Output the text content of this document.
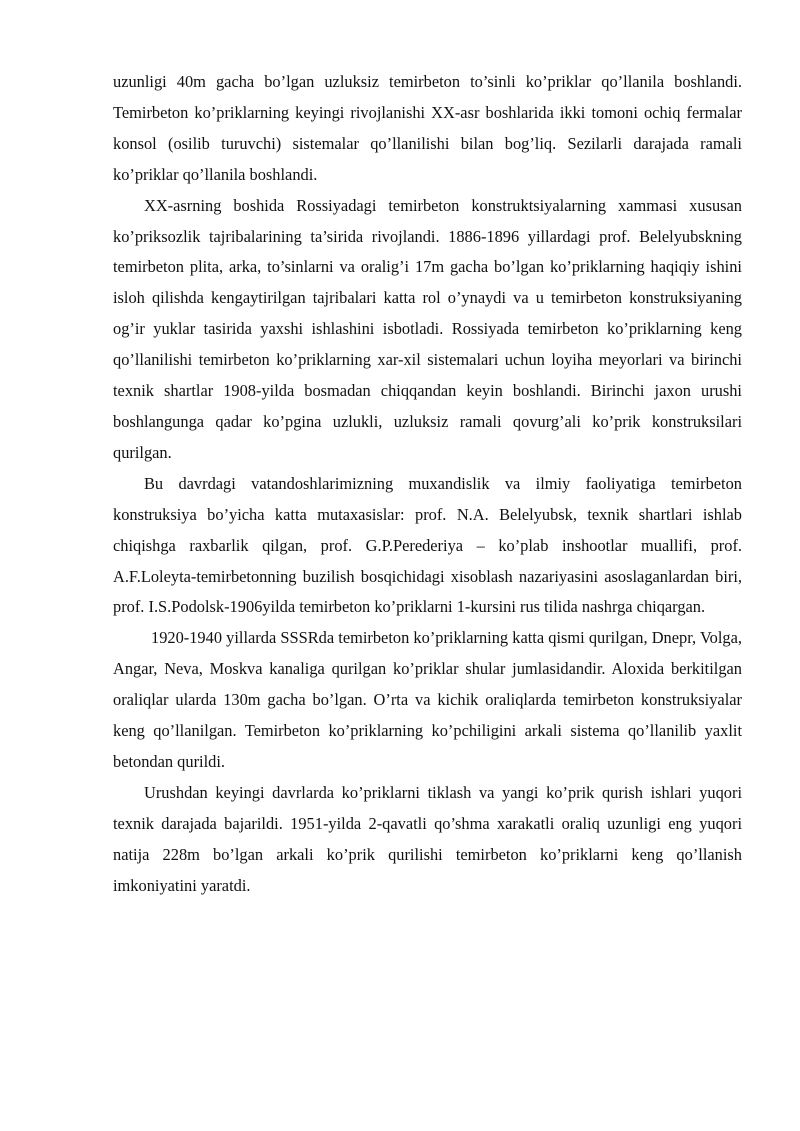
uzunligi 40m gacha bo’lgan uzluksiz temirbeton to’sinli ko’priklar qo’llanila boshlandi. Temirbeton ko’priklarning keyingi rivojlanishi XX-asr boshlarida ikki tomoni ochiq fermalar konsol (osilib turuvchi) sistemalar qo’llanilishi bilan bog’liq. Sezilarli darajada ramali ko’priklar qo’llanila boshlandi.

XX-asrning boshida Rossiyadagi temirbeton konstruktsiyalarning xammasi xususan ko’priksozlik tajribalarining ta’sirida rivojlandi. 1886-1896 yillardagi prof. Belelyubskning temirbeton plita, arka, to’sinlarni va oralig’i 17m gacha bo’lgan ko’priklarning haqiqiy ishini isloh qilishda kengaytirilgan tajribalari katta rol o’ynaydi va u temirbeton konstruksiyaning og’ir yuklar tasirida yaxshi ishlashini isbotladi. Rossiyada temirbeton ko’priklarning keng qo’llanilishi temirbeton ko’priklarning xar-xil sistemalari uchun loyiha meyorlari va birinchi texnik shartlar 1908-yilda bosmadan chiqqandan keyin boshlandi. Birinchi jaxon urushi boshlangunga qadar ko’pgina uzlukli, uzluksiz ramali qovurg’ali ko’prik konstruksilari qurilgan.

Bu davrdagi vatandoshlarimizning muxandislik va ilmiy faoliyatiga temirbeton konstruksiya bo’yicha katta mutaxasislar: prof. N.A. Belelyubsk, texnik shartlari ishlab chiqishga raxbarlik qilgan, prof. G.P.Perederiya – ko’plab inshootlar muallifi, prof. A.F.Loleyta-temirbetonning buzilish bosqichidagi xisoblash nazariyasini asoslaganlardan biri, prof. I.S.Podolsk-1906yilda temirbeton ko’priklarni 1-kursini rus tilida nashrga chiqargan.

1920-1940 yillarda SSSRda temirbeton ko’priklarning katta qismi qurilgan, Dnepr, Volga, Angar, Neva, Moskva kanaliga qurilgan ko’priklar shular jumlasidandir. Aloxida berkitilgan oraliqlar ularda 130m gacha bo’lgan. O’rta va kichik oraliqlarda temirbeton konstruksiyalar keng qo’llanilgan. Temirbeton ko’priklarning ko’pchiligini arkali sistema qo’llanilib yaxlit betondan qurildi.

Urushdan keyingi davrlarda ko’priklarni tiklash va yangi ko’prik qurish ishlari yuqori texnik darajada bajarildi. 1951-yilda 2-qavatli qo’shma xarakatli oraliq uzunligi eng yuqori natija 228m bo’lgan arkali ko’prik qurilishi temirbeton ko’priklarni keng qo’llanish imkoniyatini yaratdi.
